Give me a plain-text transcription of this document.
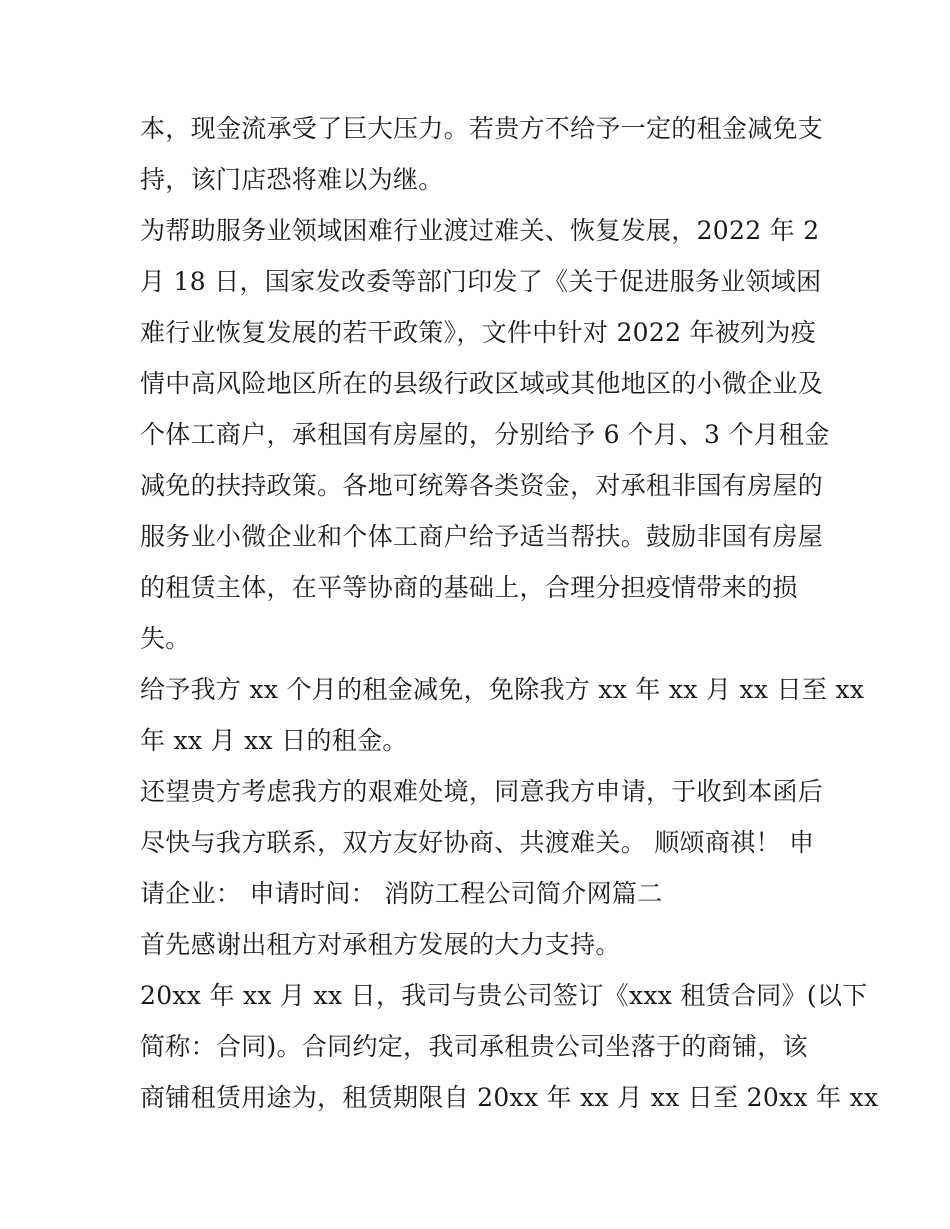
本，现金流承受了巨大压力。若贵方不给予一定的租金减免支
持，该门店恐将难以为继。
为帮助服务业领域困难行业渡过难关、恢复发展，2022 年 2
月 18 日，国家发改委等部门印发了《关于促进服务业领域困
难行业恢复发展的若干政策》，文件中针对 2022 年被列为疫
情中高风险地区所在的县级行政区域或其他地区的小微企业及
个体工商户，承租国有房屋的，分别给予 6 个月、3 个月租金
减免的扶持政策。各地可统筹各类资金，对承租非国有房屋的
服务业小微企业和个体工商户给予适当帮扶。鼓励非国有房屋
的租赁主体，在平等协商的基础上，合理分担疫情带来的损
失。
给予我方 xx 个月的租金减免，免除我方 xx 年 xx 月 xx 日至 xx
年 xx 月 xx 日的租金。
还望贵方考虑我方的艰难处境，同意我方申请，于收到本函后
尽快与我方联系，双方友好协商、共渡难关。 顺颂商祺！ 申
请企业： 申请时间： 消防工程公司简介网篇二
首先感谢出租方对承租方发展的大力支持。
20xx 年 xx 月 xx 日，我司与贵公司签订《xxx 租赁合同》(以下
简称：合同)。合同约定，我司承租贵公司坐落于的商铺，该
商铺租赁用途为，租赁期限自 20xx 年 xx 月 xx 日至 20xx 年 xx
